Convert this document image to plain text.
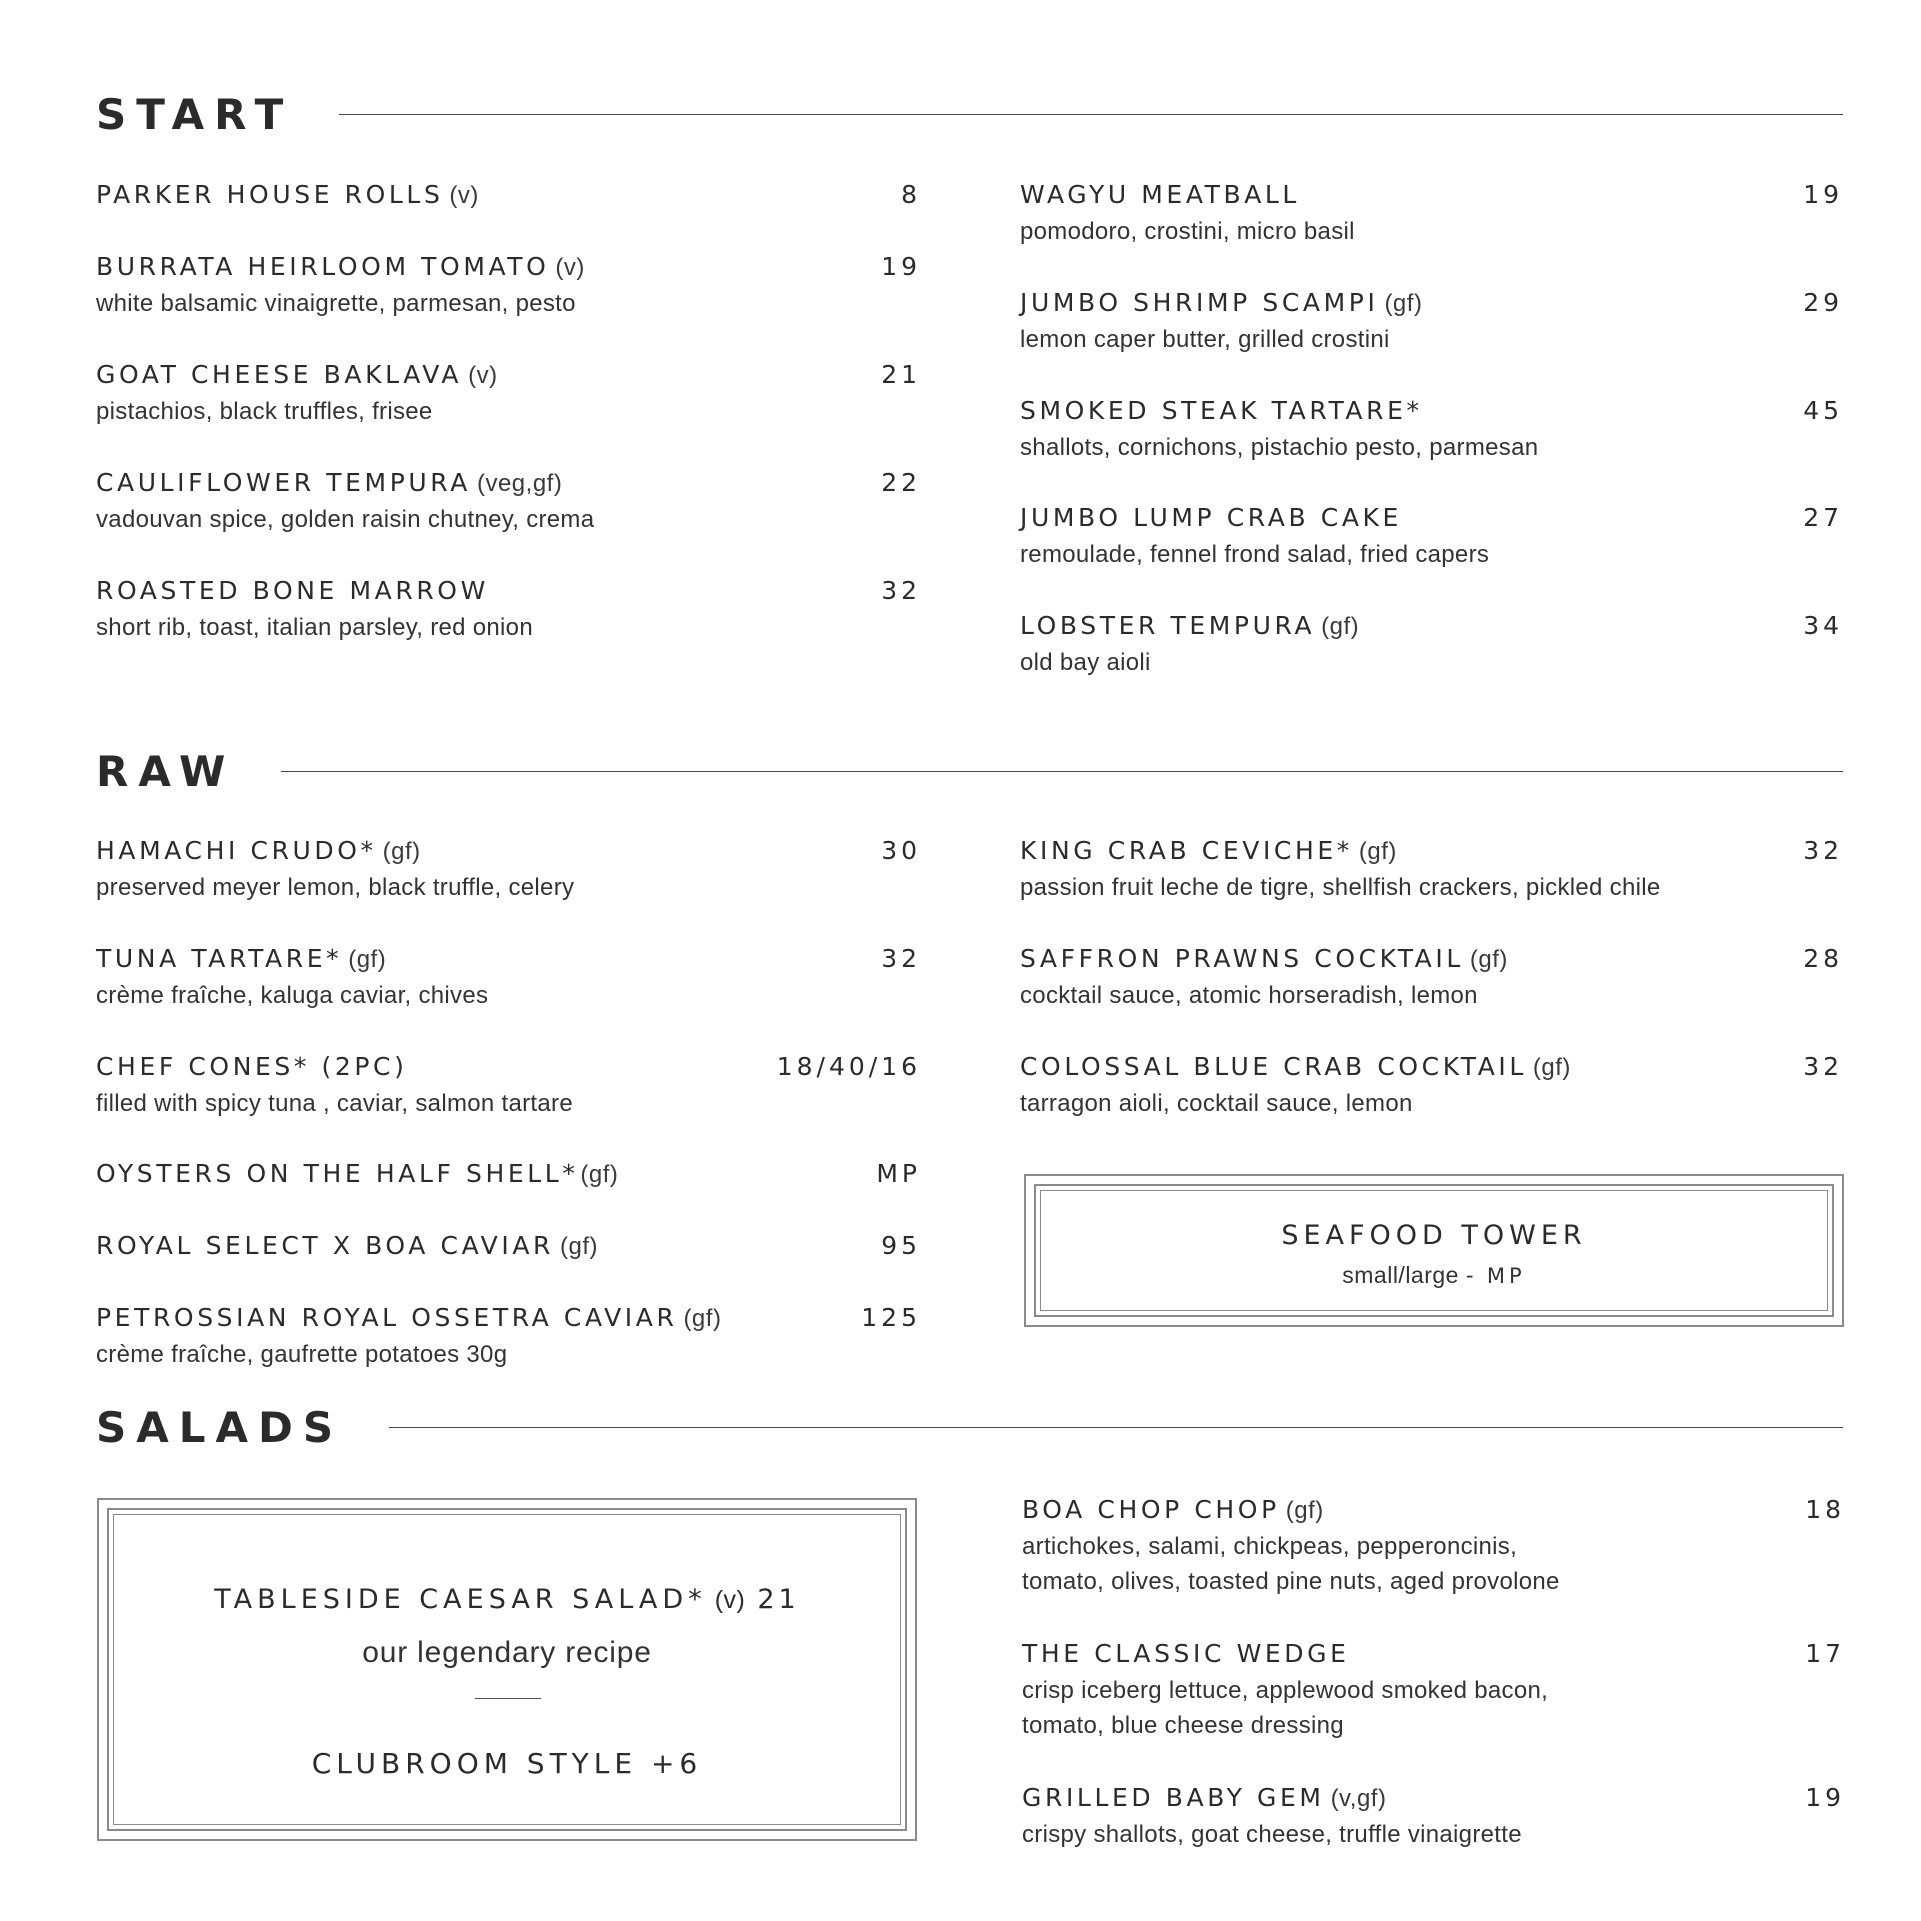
START
PARKER HOUSE ROLLS (v)	8
BURRATA HEIRLOOM TOMATO (v)	19
white balsamic vinaigrette, parmesan, pesto
GOAT CHEESE BAKLAVA (v)	21
pistachios, black truffles, frisee
CAULIFLOWER TEMPURA (veg,gf)	22
vadouvan spice, golden raisin chutney, crema
ROASTED BONE MARROW	32
short rib, toast, italian parsley, red onion
WAGYU MEATBALL	19
pomodoro, crostini, micro basil
JUMBO SHRIMP SCAMPI (gf)	29
lemon caper butter, grilled crostini
SMOKED STEAK TARTARE*	45
shallots, cornichons, pistachio pesto, parmesan
JUMBO LUMP CRAB CAKE	27
remoulade, fennel frond salad, fried capers
LOBSTER TEMPURA (gf)	34
old bay aioli
RAW
HAMACHI CRUDO* (gf)	30
preserved meyer lemon, black truffle, celery
TUNA TARTARE* (gf)	32
crème fraîche, kaluga caviar, chives
CHEF CONES* (2PC)	18/40/16
filled with spicy tuna , caviar, salmon tartare
OYSTERS ON THE HALF SHELL*(gf)	MP
ROYAL SELECT X BOA CAVIAR (gf)	95
PETROSSIAN ROYAL OSSETRA CAVIAR (gf)	125
crème fraîche, gaufrette potatoes 30g
KING CRAB CEVICHE* (gf)	32
passion fruit leche de tigre, shellfish crackers, pickled chile
SAFFRON PRAWNS COCKTAIL (gf)	28
cocktail sauce, atomic horseradish, lemon
COLOSSAL BLUE CRAB COCKTAIL (gf)	32
tarragon aioli, cocktail sauce, lemon
SEAFOOD TOWER
small/large - MP
SALADS
TABLESIDE CAESAR SALAD* (v) 21
our legendary recipe
CLUBROOM STYLE +6
BOA CHOP CHOP (gf)	18
artichokes, salami, chickpeas, pepperoncinis,
tomato, olives, toasted pine nuts, aged provolone
THE CLASSIC WEDGE	17
crisp iceberg lettuce, applewood smoked bacon,
tomato, blue cheese dressing
GRILLED BABY GEM (v,gf)	19
crispy shallots, goat cheese, truffle vinaigrette
